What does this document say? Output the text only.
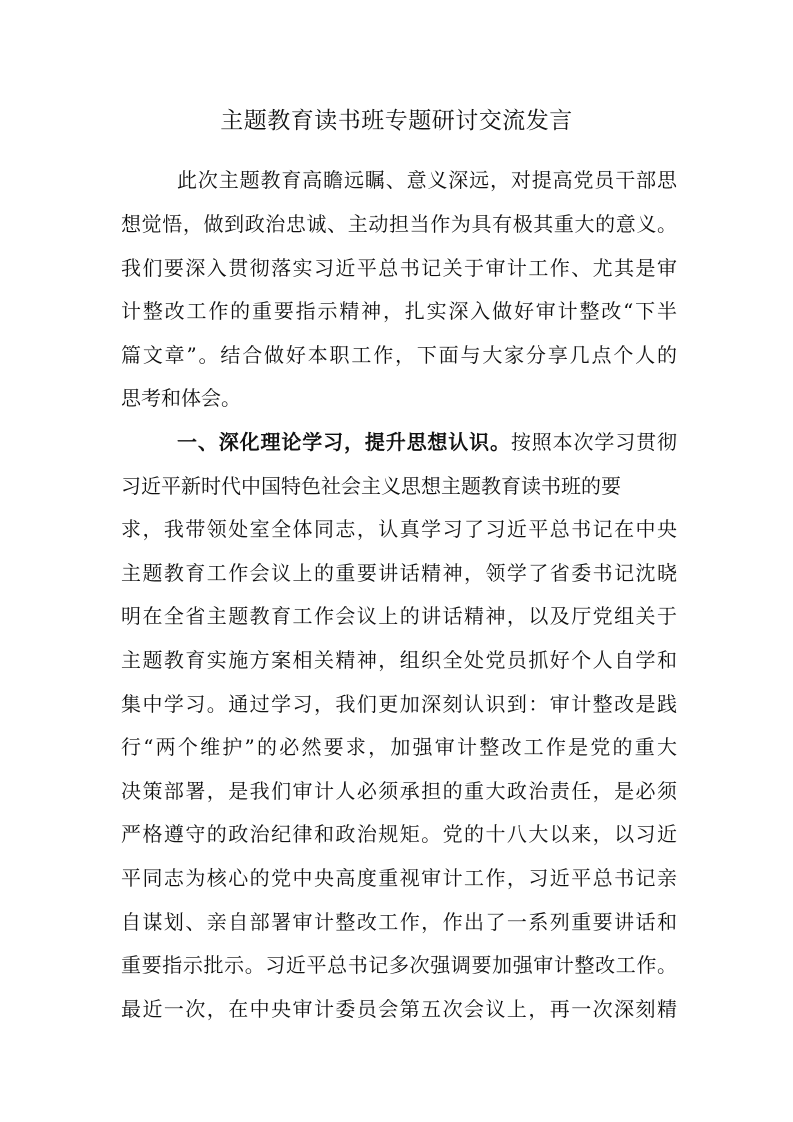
主题教育读书班专题研讨交流发言
此次主题教育高瞻远瞩、意义深远，对提高党员干部思
想觉悟，做到政治忠诚、主动担当作为具有极其重大的意义。
我们要深入贯彻落实习近平总书记关于审计工作、尤其是审
计整改工作的重要指示精神，扎实深入做好审计整改“下半
篇文章”。结合做好本职工作，下面与大家分享几点个人的
思考和体会。
一、深化理论学习，提升思想认识。按照本次学习贯彻
习近平新时代中国特色社会主义思想主题教育读书班的要
求，我带领处室全体同志，认真学习了习近平总书记在中央
主题教育工作会议上的重要讲话精神，领学了省委书记沈晓
明在全省主题教育工作会议上的讲话精神，以及厅党组关于
主题教育实施方案相关精神，组织全处党员抓好个人自学和
集中学习。通过学习，我们更加深刻认识到：审计整改是践
行“两个维护”的必然要求，加强审计整改工作是党的重大
决策部署，是我们审计人必须承担的重大政治责任，是必须
严格遵守的政治纪律和政治规矩。党的十八大以来，以习近
平同志为核心的党中央高度重视审计工作，习近平总书记亲
自谋划、亲自部署审计整改工作，作出了一系列重要讲话和
重要指示批示。习近平总书记多次强调要加强审计整改工作。
最近一次，在中央审计委员会第五次会议上，再一次深刻精
